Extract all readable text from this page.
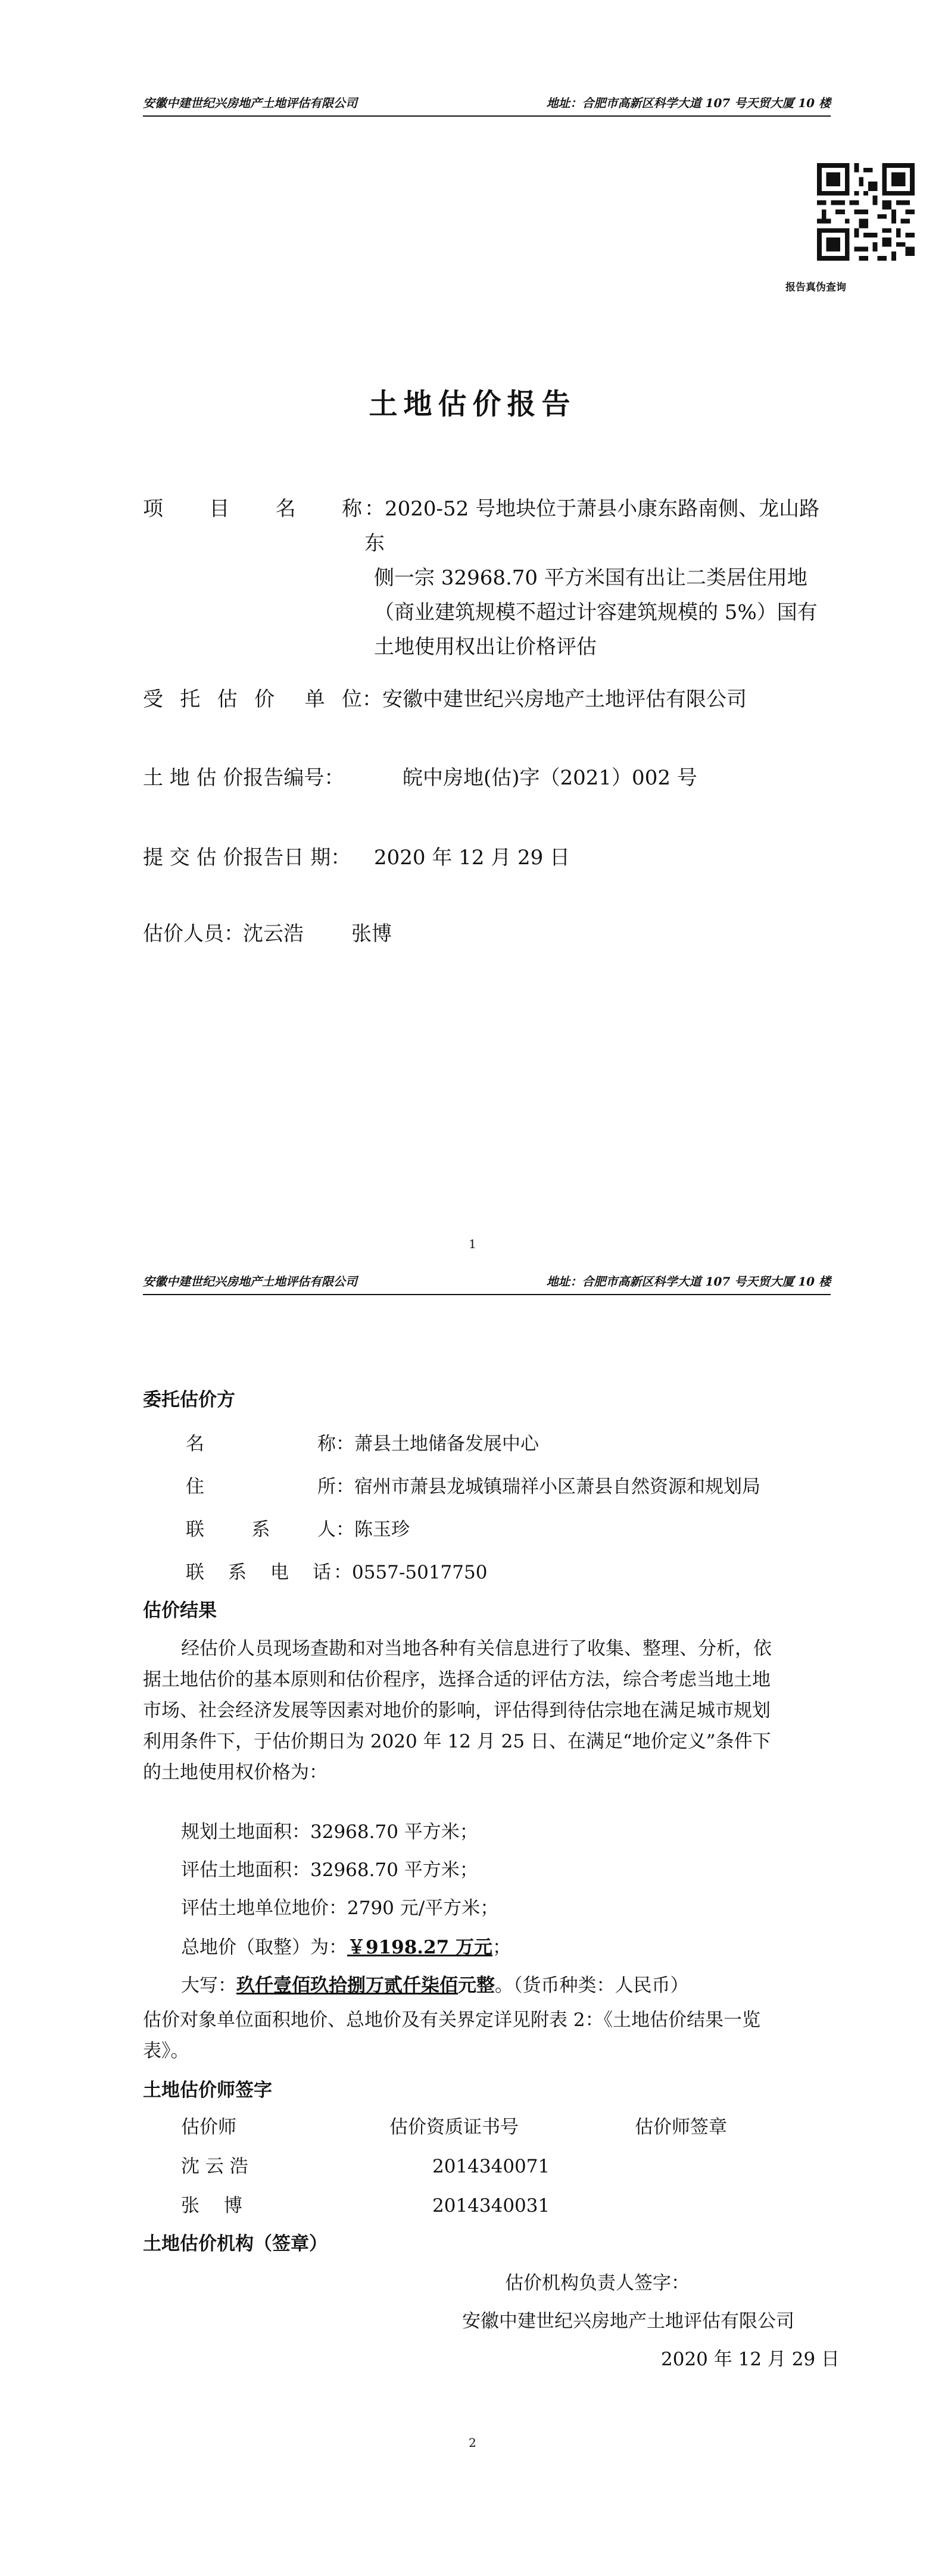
安徽中建世纪兴房地产土地评估有限公司	地址：合肥市高新区科学大道 107 号天贸大厦 10 楼
报告真伪查询
土地估价报告
项 目 名 称 ：2020-52 号地块位于萧县小康东路南侧、龙山路东
侧一宗 32968.70 平方米国有出让二类居住用地
（商业建筑规模不超过计容建筑规模的 5%）国有
土地使用权出让价格评估
受 托 估 价 单 位 ：安徽中建世纪兴房地产土地评估有限公司
土 地 估 价报告编号：	皖中房地(估)字（2021）002 号
提 交 估 价报告日 期： 2020 年 12 月 29 日
估价人员：
沈云浩 张博
1
安徽中建世纪兴房地产土地评估有限公司	地址：合肥市高新区科学大道 107 号天贸大厦 10 楼
委托估价方
名	称 ：萧县土地储备发展中心
住	所 ：宿州市萧县龙城镇瑞祥小区萧县自然资源和规划局
联	系	人 ：陈玉珍
联 系 电 话 ：0557-5017750
估价结果
经估价人员现场查勘和对当地各种有关信息进行了收集、整理、分析，依
据土地估价的基本原则和估价程序，选择合适的评估方法，综合考虑当地土地
市场、社会经济发展等因素对地价的影响，评估得到待估宗地在满足城市规划
利用条件下，于估价期日为 2020 年 12 月 25 日、在满足“地价定义”条件下
的土地使用权价格为：
规划土地面积：32968.70 平方米；
评估土地面积：32968.70 平方米；
评估土地单位地价：2790 元/平方米；
总地价（取整）为：￥9198.27 万元；
大写：玖仟壹佰玖拾捌万贰仟柒佰元整。（货币种类：人民币）
估价对象单位面积地价、总地价及有关界定详见附表 2：《土地估价结果一览
表》。
土地估价师签字
估价师	估价资质证书号	估价师签章
沈 云 浩	2014340071
张　 博	2014340031
土地估价机构（签章）
估价机构负责人签字：
安徽中建世纪兴房地产土地评估有限公司
2020 年 12 月 29 日
2
